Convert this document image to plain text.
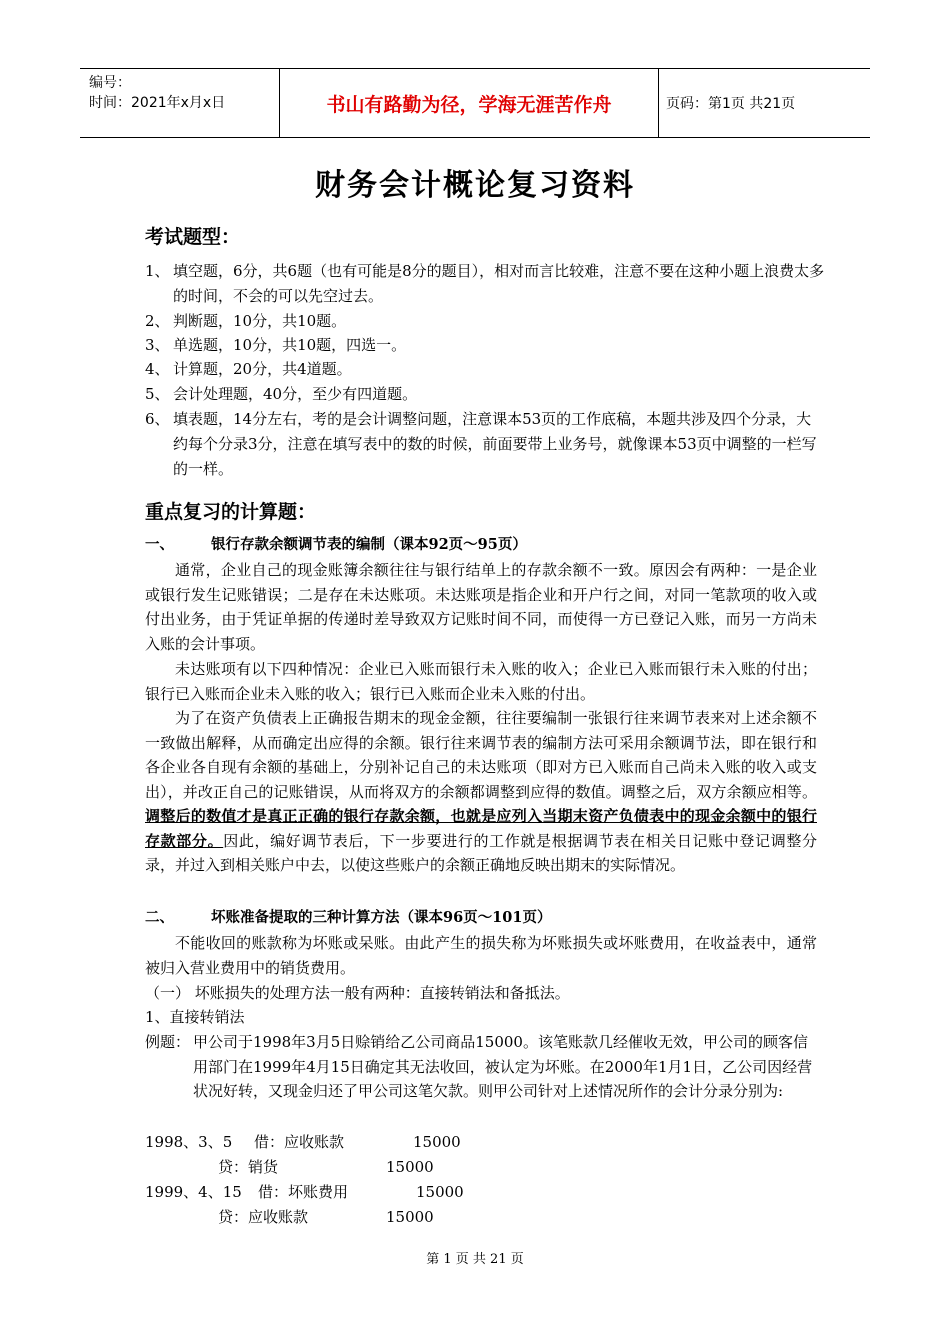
编号：
时间：2021年x月x日	书山有路勤为径，学海无涯苦作舟	页码：第1页 共21页
财务会计概论复习资料
考试题型：
1、 填空题，6分，共6题（也有可能是8分的题目），相对而言比较难，注意不要在这种小题上浪费太多的时间，不会的可以先空过去。
2、 判断题，10分，共10题。
3、 单选题，10分，共10题，四选一。
4、 计算题，20分，共4道题。
5、 会计处理题，40分，至少有四道题。
6、 填表题，14分左右，考的是会计调整问题，注意课本53页的工作底稿，本题共涉及四个分录，大约每个分录3分，注意在填写表中的数的时候，前面要带上业务号，就像课本53页中调整的一栏写的一样。
重点复习的计算题：
一、	银行存款余额调节表的编制（课本92页～95页）
通常，企业自己的现金账簿余额往往与银行结单上的存款余额不一致。原因会有两种：一是企业或银行发生记账错误；二是存在未达账项。未达账项是指企业和开户行之间，对同一笔款项的收入或付出业务，由于凭证单据的传递时差导致双方记账时间不同，而使得一方已登记入账，而另一方尚未入账的会计事项。
未达账项有以下四种情况：企业已入账而银行未入账的收入；企业已入账而银行未入账的付出；银行已入账而企业未入账的收入；银行已入账而企业未入账的付出。
为了在资产负债表上正确报告期末的现金金额，往往要编制一张银行往来调节表来对上述余额不一致做出解释，从而确定出应得的余额。银行往来调节表的编制方法可采用余额调节法，即在银行和各企业各自现有余额的基础上，分别补记自己的未达账项（即对方已入账而自己尚未入账的收入或支出），并改正自己的记账错误，从而将双方的余额都调整到应得的数值。调整之后，双方余额应相等。调整后的数值才是真正正确的银行存款余额，也就是应列入当期末资产负债表中的现金余额中的银行存款部分。因此，编好调节表后，下一步要进行的工作就是根据调节表在相关日记账中登记调整分录，并过入到相关账户中去，以使这些账户的余额正确地反映出期末的实际情况。
二、	坏账准备提取的三种计算方法（课本96页～101页）
不能收回的账款称为坏账或呆账。由此产生的损失称为坏账损失或坏账费用，在收益表中，通常被归入营业费用中的销货费用。
（一） 坏账损失的处理方法一般有两种：直接转销法和备抵法。
1、直接转销法
例题： 甲公司于1998年3月5日赊销给乙公司商品15000。该笔账款几经催收无效，甲公司的顾客信用部门在1999年4月15日确定其无法收回，被认定为坏账。在2000年1月1日，乙公司因经营状况好转，又现金归还了甲公司这笔欠款。则甲公司针对上述情况所作的会计分录分别为:
1998、3、5 借：应收账款	15000
贷：销货	15000
1999、4、15 借：坏账费用	15000
贷：应收账款	15000
第 1 页 共 21 页
